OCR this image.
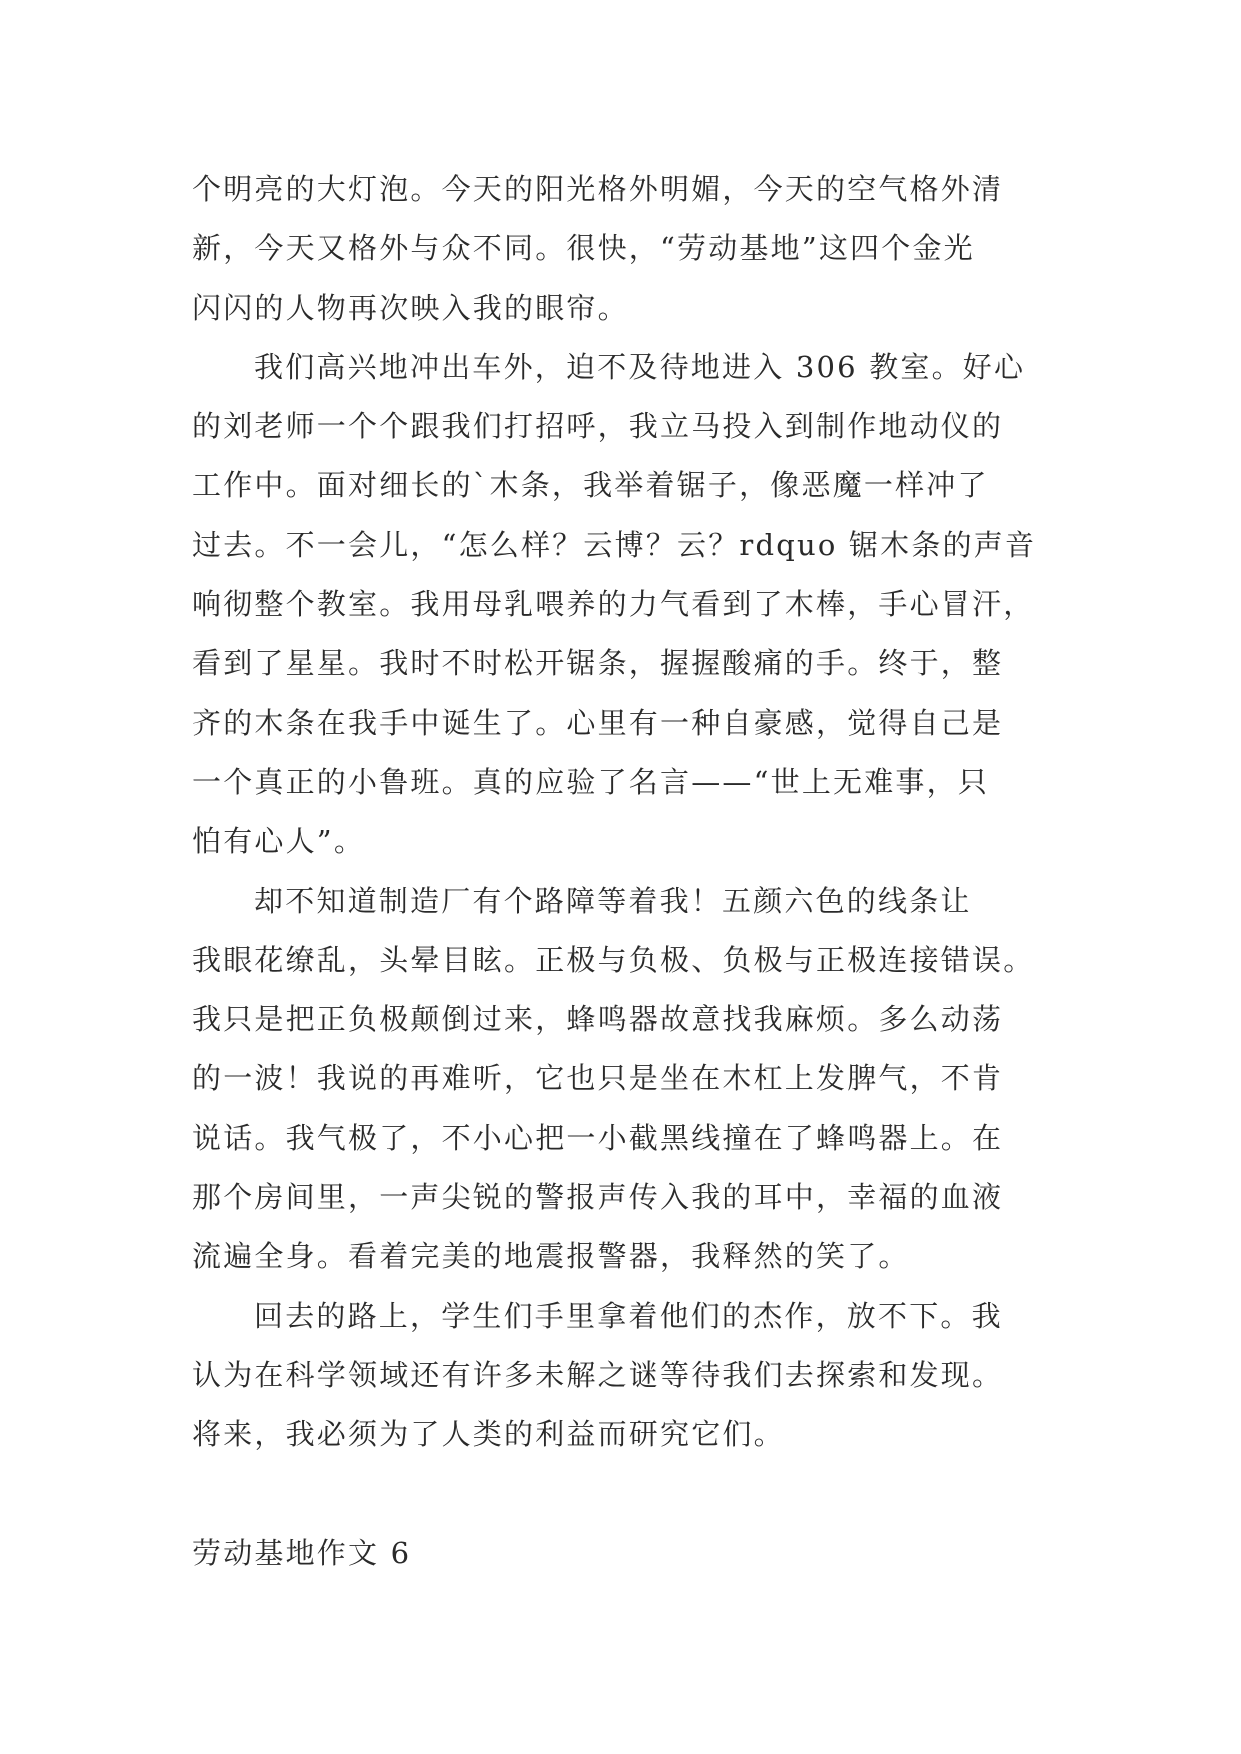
个明亮的大灯泡。今天的阳光格外明媚，今天的空气格外清
新，今天又格外与众不同。很快，“劳动基地”这四个金光
闪闪的人物再次映入我的眼帘。
我们高兴地冲出车外，迫不及待地进入 306 教室。好心
的刘老师一个个跟我们打招呼，我立马投入到制作地动仪的
工作中。面对细长的`木条，我举着锯子，像恶魔一样冲了
过去。不一会儿，“怎么样？云博？云？rdquo 锯木条的声音
响彻整个教室。我用母乳喂养的力气看到了木棒，手心冒汗，
看到了星星。我时不时松开锯条，握握酸痛的手。终于，整
齐的木条在我手中诞生了。心里有一种自豪感，觉得自己是
一个真正的小鲁班。真的应验了名言——“世上无难事，只
怕有心人”。
却不知道制造厂有个路障等着我！五颜六色的线条让
我眼花缭乱，头晕目眩。正极与负极、负极与正极连接错误。
我只是把正负极颠倒过来，蜂鸣器故意找我麻烦。多么动荡
的一波！我说的再难听，它也只是坐在木杠上发脾气，不肯
说话。我气极了，不小心把一小截黑线撞在了蜂鸣器上。在
那个房间里，一声尖锐的警报声传入我的耳中，幸福的血液
流遍全身。看着完美的地震报警器，我释然的笑了。
回去的路上，学生们手里拿着他们的杰作，放不下。我
认为在科学领域还有许多未解之谜等待我们去探索和发现。
将来，我必须为了人类的利益而研究它们。
劳动基地作文 6
